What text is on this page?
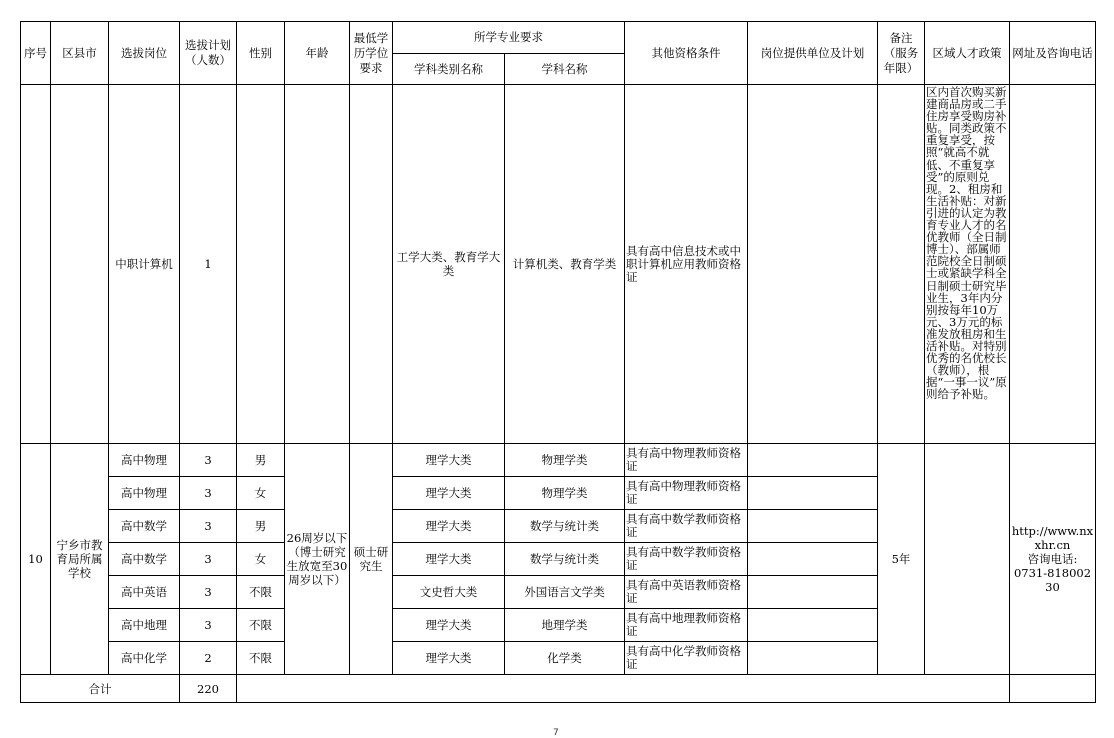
序号	区县市	选拔岗位	选拔计划（人数）	性别	年龄	最低学历学位要求	所学专业要求		其他资格条件	岗位提供单位及计划	备注（服务年限）	区域人才政策	网址及咨询电话
							学科类别名称	学科名称					
		中职计算机	1				工学大类、教育学大类	计算机类、教育学类	具有高中信息技术或中职计算机应用教师资格证			区内首次购买新建商品房或二手住房享受购房补贴。同类政策不重复享受，按照“就高不就低、不重复享受”的原则兑现。2、租房和生活补贴：对新引进的认定为教育专业人才的名优教师（全日制博士）、部属师范院校全日制硕士或紧缺学科全日制硕士研究毕业生，3年内分别按每年10万元、3万元的标准发放租房和生活补贴。对特别优秀的名优校长（教师），根据“一事一议”原则给予补贴。	
10	宁乡市教育局所属学校	高中物理	3	男	26周岁以下（博士研究生放宽至30周岁以下）	硕士研究生	理学大类	物理学类	具有高中物理教师资格证		5年		http://www.nxxhr.cn
咨询电话:
0731-81800230

		高中物理	3	女			理学大类	物理学类	具有高中物理教师资格证				
		高中数学	3	男			理学大类	数学与统计类	具有高中数学教师资格证				
		高中数学	3	女			理学大类	数学与统计类	具有高中数学教师资格证				
		高中英语	3	不限			文史哲大类	外国语言文学类	具有高中英语教师资格证				
		高中地理	3	不限			理学大类	地理学类	具有高中地理教师资格证				
		高中化学	2	不限			理学大类	化学类	具有高中化学教师资格证				
合计			220										
7
